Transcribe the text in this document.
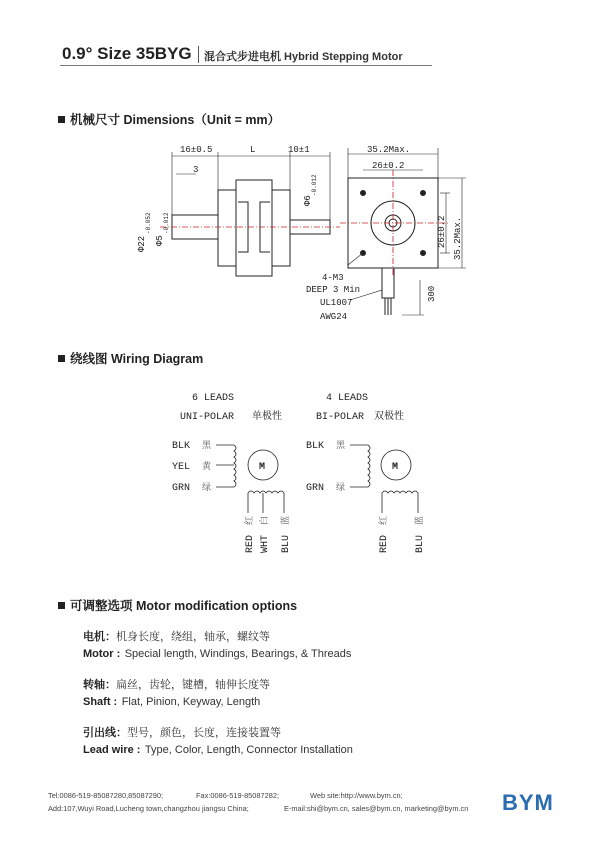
0.9° Size 35BYG 混合式步进电机 Hybrid Stepping Motor
机械尺寸 Dimensions（Unit = mm）
16±0.5	L	10±1
3
35.2Max.
26±0.2
4-M3
DEEP 3 Min
UL1007
AWG24
Φ22
-0.052
Φ5
-0.012
Φ6
-0.012
26±0.2 35.2Max.
300
绕线图 Wiring Diagram
6 LEADS
UNI-POLAR 单极性
4 LEADS
BI-POLAR 双极性
BLK 黑
YEL 黄
GRN 绿
M
红 白 蓝
RED WHT BLU
BLK 黑
GRN 绿
M
红	蓝
RED	BLU
可调整选项 Motor modification options
电机：机身长度，绕组，轴承，螺纹等
Motor : Special length, Windings, Bearings, & Threads
转轴：扁丝，齿轮，键槽，轴伸长度等
Shaft : Flat, Pinion, Keyway, Length
引出线：型号，颜色，长度，连接装置等
Lead wire : Type, Color, Length, Connector Installation
Tel:0086-519-85087280,85087290;	Fax:0086-519-85087282;	Web site:http://www.bym.cn;
Add:107,Wuyi Road,Lucheng town,changzhou jiangsu China;	E-mail:shi@bym.cn, sales@bym.cn, marketing@bym.cn BYM
